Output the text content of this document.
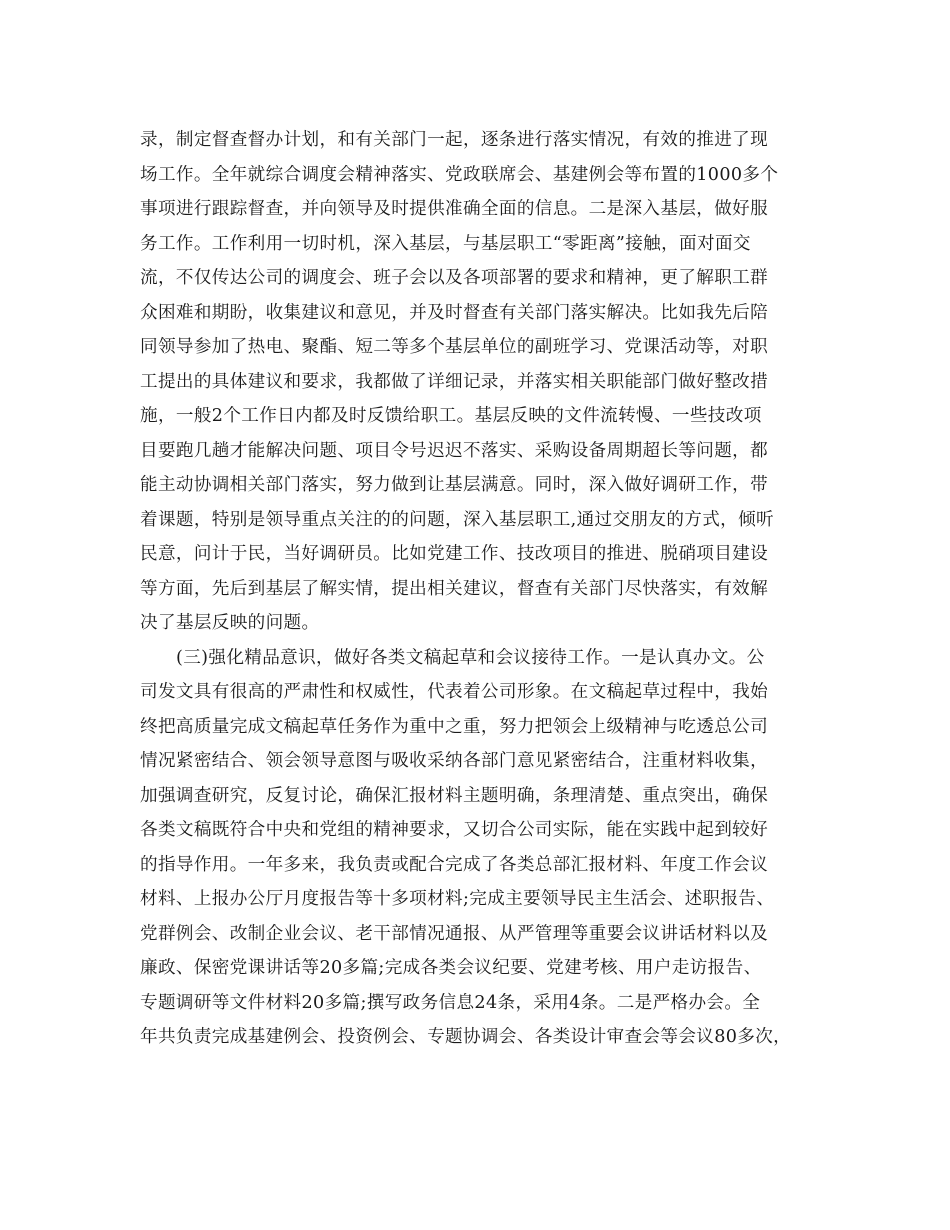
录，制定督查督办计划，和有关部门一起，逐条进行落实情况，有效的推进了现
场工作。全年就综合调度会精神落实、党政联席会、基建例会等布置的1000多个
事项进行跟踪督查，并向领导及时提供准确全面的信息。二是深入基层，做好服
务工作。工作利用一切时机，深入基层，与基层职工“零距离”接触，面对面交
流，不仅传达公司的调度会、班子会以及各项部署的要求和精神，更了解职工群
众困难和期盼，收集建议和意见，并及时督查有关部门落实解决。比如我先后陪
同领导参加了热电、聚酯、短二等多个基层单位的副班学习、党课活动等，对职
工提出的具体建议和要求，我都做了详细记录，并落实相关职能部门做好整改措
施，一般2个工作日内都及时反馈给职工。基层反映的文件流转慢、一些技改项
目要跑几趟才能解决问题、项目令号迟迟不落实、采购设备周期超长等问题，都
能主动协调相关部门落实，努力做到让基层满意。同时，深入做好调研工作，带
着课题，特别是领导重点关注的的问题，深入基层职工,通过交朋友的方式，倾听
民意，问计于民，当好调研员。比如党建工作、技改项目的推进、脱硝项目建设
等方面，先后到基层了解实情，提出相关建议，督查有关部门尽快落实，有效解
决了基层反映的问题。
(三)强化精品意识，做好各类文稿起草和会议接待工作。一是认真办文。公
司发文具有很高的严肃性和权威性，代表着公司形象。在文稿起草过程中，我始
终把高质量完成文稿起草任务作为重中之重，努力把领会上级精神与吃透总公司
情况紧密结合、领会领导意图与吸收采纳各部门意见紧密结合，注重材料收集，
加强调查研究，反复讨论，确保汇报材料主题明确，条理清楚、重点突出，确保
各类文稿既符合中央和党组的精神要求，又切合公司实际，能在实践中起到较好
的指导作用。一年多来，我负责或配合完成了各类总部汇报材料、年度工作会议
材料、上报办公厅月度报告等十多项材料;完成主要领导民主生活会、述职报告、
党群例会、改制企业会议、老干部情况通报、从严管理等重要会议讲话材料以及
廉政、保密党课讲话等20多篇;完成各类会议纪要、党建考核、用户走访报告、
专题调研等文件材料20多篇;撰写政务信息24条，采用4条。二是严格办会。全
年共负责完成基建例会、投资例会、专题协调会、各类设计审查会等会议80多次，
